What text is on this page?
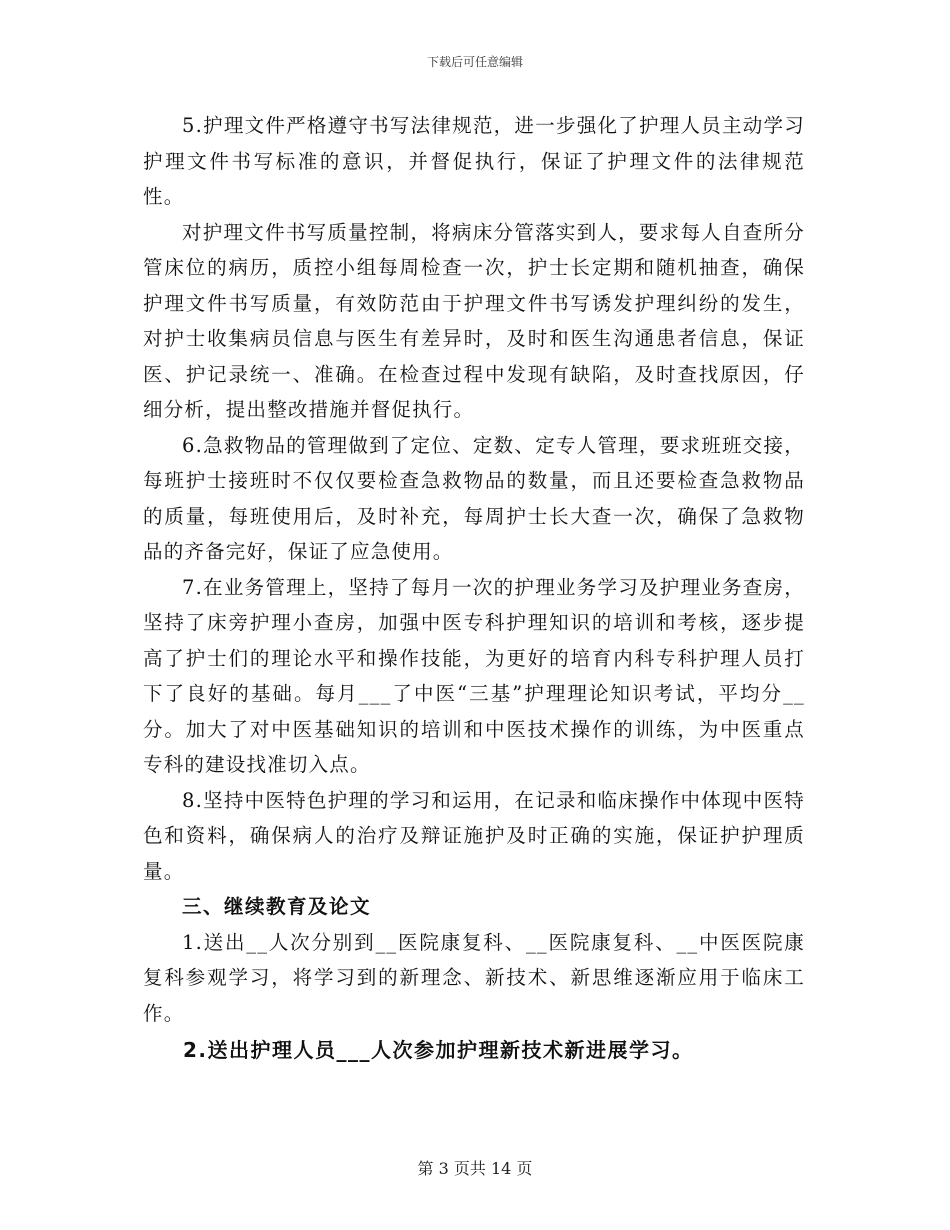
下载后可任意编辑

5.护理文件严格遵守书写法律规范，进一步强化了护理人员主动学习护理文件书写标准的意识，并督促执行，保证了护理文件的法律规范性。

对护理文件书写质量控制，将病床分管落实到人，要求每人自查所分管床位的病历，质控小组每周检查一次，护士长定期和随机抽查，确保护理文件书写质量，有效防范由于护理文件书写诱发护理纠纷的发生，对护士收集病员信息与医生有差异时，及时和医生沟通患者信息，保证医、护记录统一、准确。在检查过程中发现有缺陷，及时查找原因，仔细分析，提出整改措施并督促执行。

6.急救物品的管理做到了定位、定数、定专人管理，要求班班交接，每班护士接班时不仅仅要检查急救物品的数量，而且还要检查急救物品的质量，每班使用后，及时补充，每周护士长大查一次，确保了急救物品的齐备完好，保证了应急使用。

7.在业务管理上，坚持了每月一次的护理业务学习及护理业务查房，坚持了床旁护理小查房，加强中医专科护理知识的培训和考核，逐步提高了护士们的理论水平和操作技能，为更好的培育内科专科护理人员打下了良好的基础。每月___了中医“三基”护理理论知识考试，平均分__分。加大了对中医基础知识的培训和中医技术操作的训练，为中医重点专科的建设找准切入点。

8.坚持中医特色护理的学习和运用，在记录和临床操作中体现中医特色和资料，确保病人的治疗及辩证施护及时正确的实施，保证护护理质量。

三、继续教育及论文

1.送出__人次分别到__医院康复科、__医院康复科、__中医医院康复科参观学习，将学习到的新理念、新技术、新思维逐渐应用于临床工作。

2.送出护理人员___人次参加护理新技术新进展学习。

第 3 页共 14 页
